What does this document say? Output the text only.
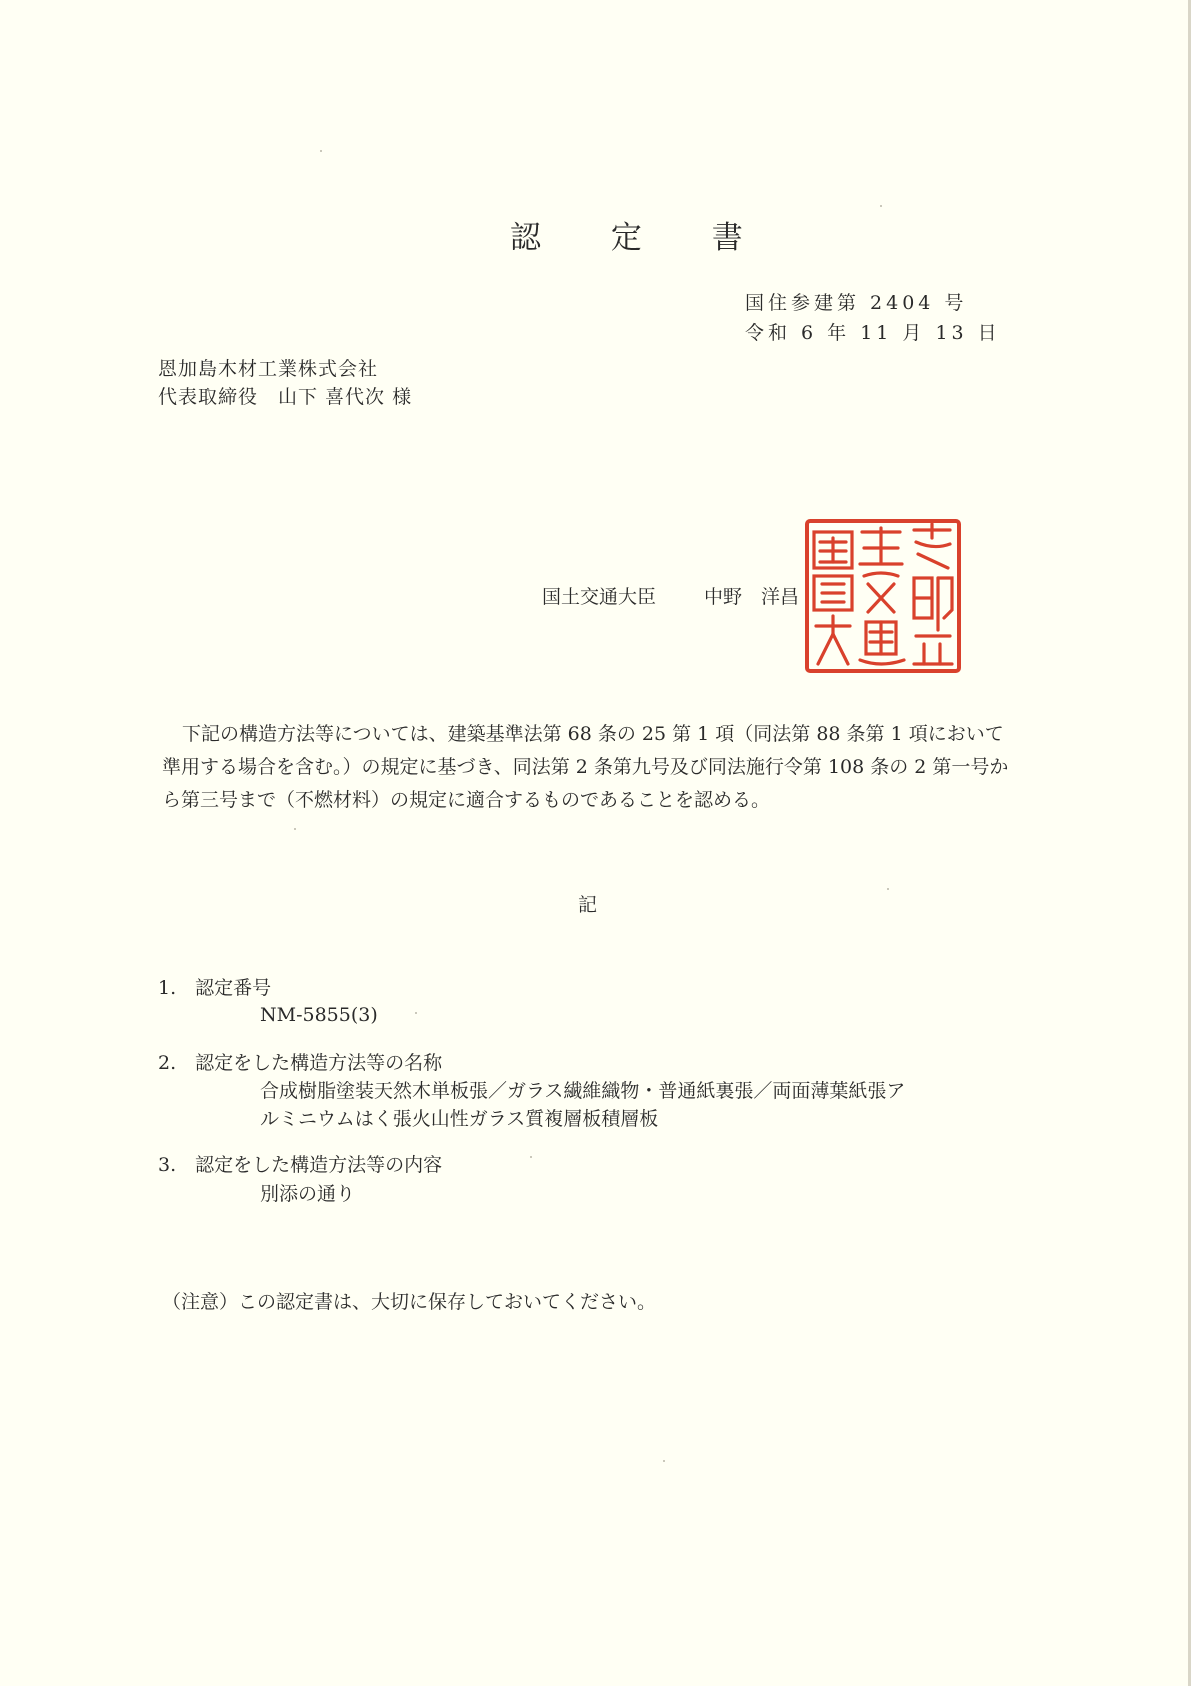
認 定 書
国住参建第 2404 号
令和 6 年 11 月 13 日
恩加島木材工業株式会社
代表取締役　山下 喜代次 様
国土交通大臣	中野　洋昌
下記の構造方法等については、建築基準法第 68 条の 25 第 1 項（同法第 88 条第 1 項において準用する場合を含む。）の規定に基づき、同法第 2 条第九号及び同法施行令第 108 条の 2 第一号から第三号まで（不燃材料）の規定に適合するものであることを認める。
記
1.　認定番号
NM-5855(3)
2.　認定をした構造方法等の名称
合成樹脂塗装天然木単板張／ガラス繊維織物・普通紙裏張／両面薄葉紙張ア
ルミニウムはく張火山性ガラス質複層板積層板
3.　認定をした構造方法等の内容
別添の通り
（注意）この認定書は、大切に保存しておいてください。
